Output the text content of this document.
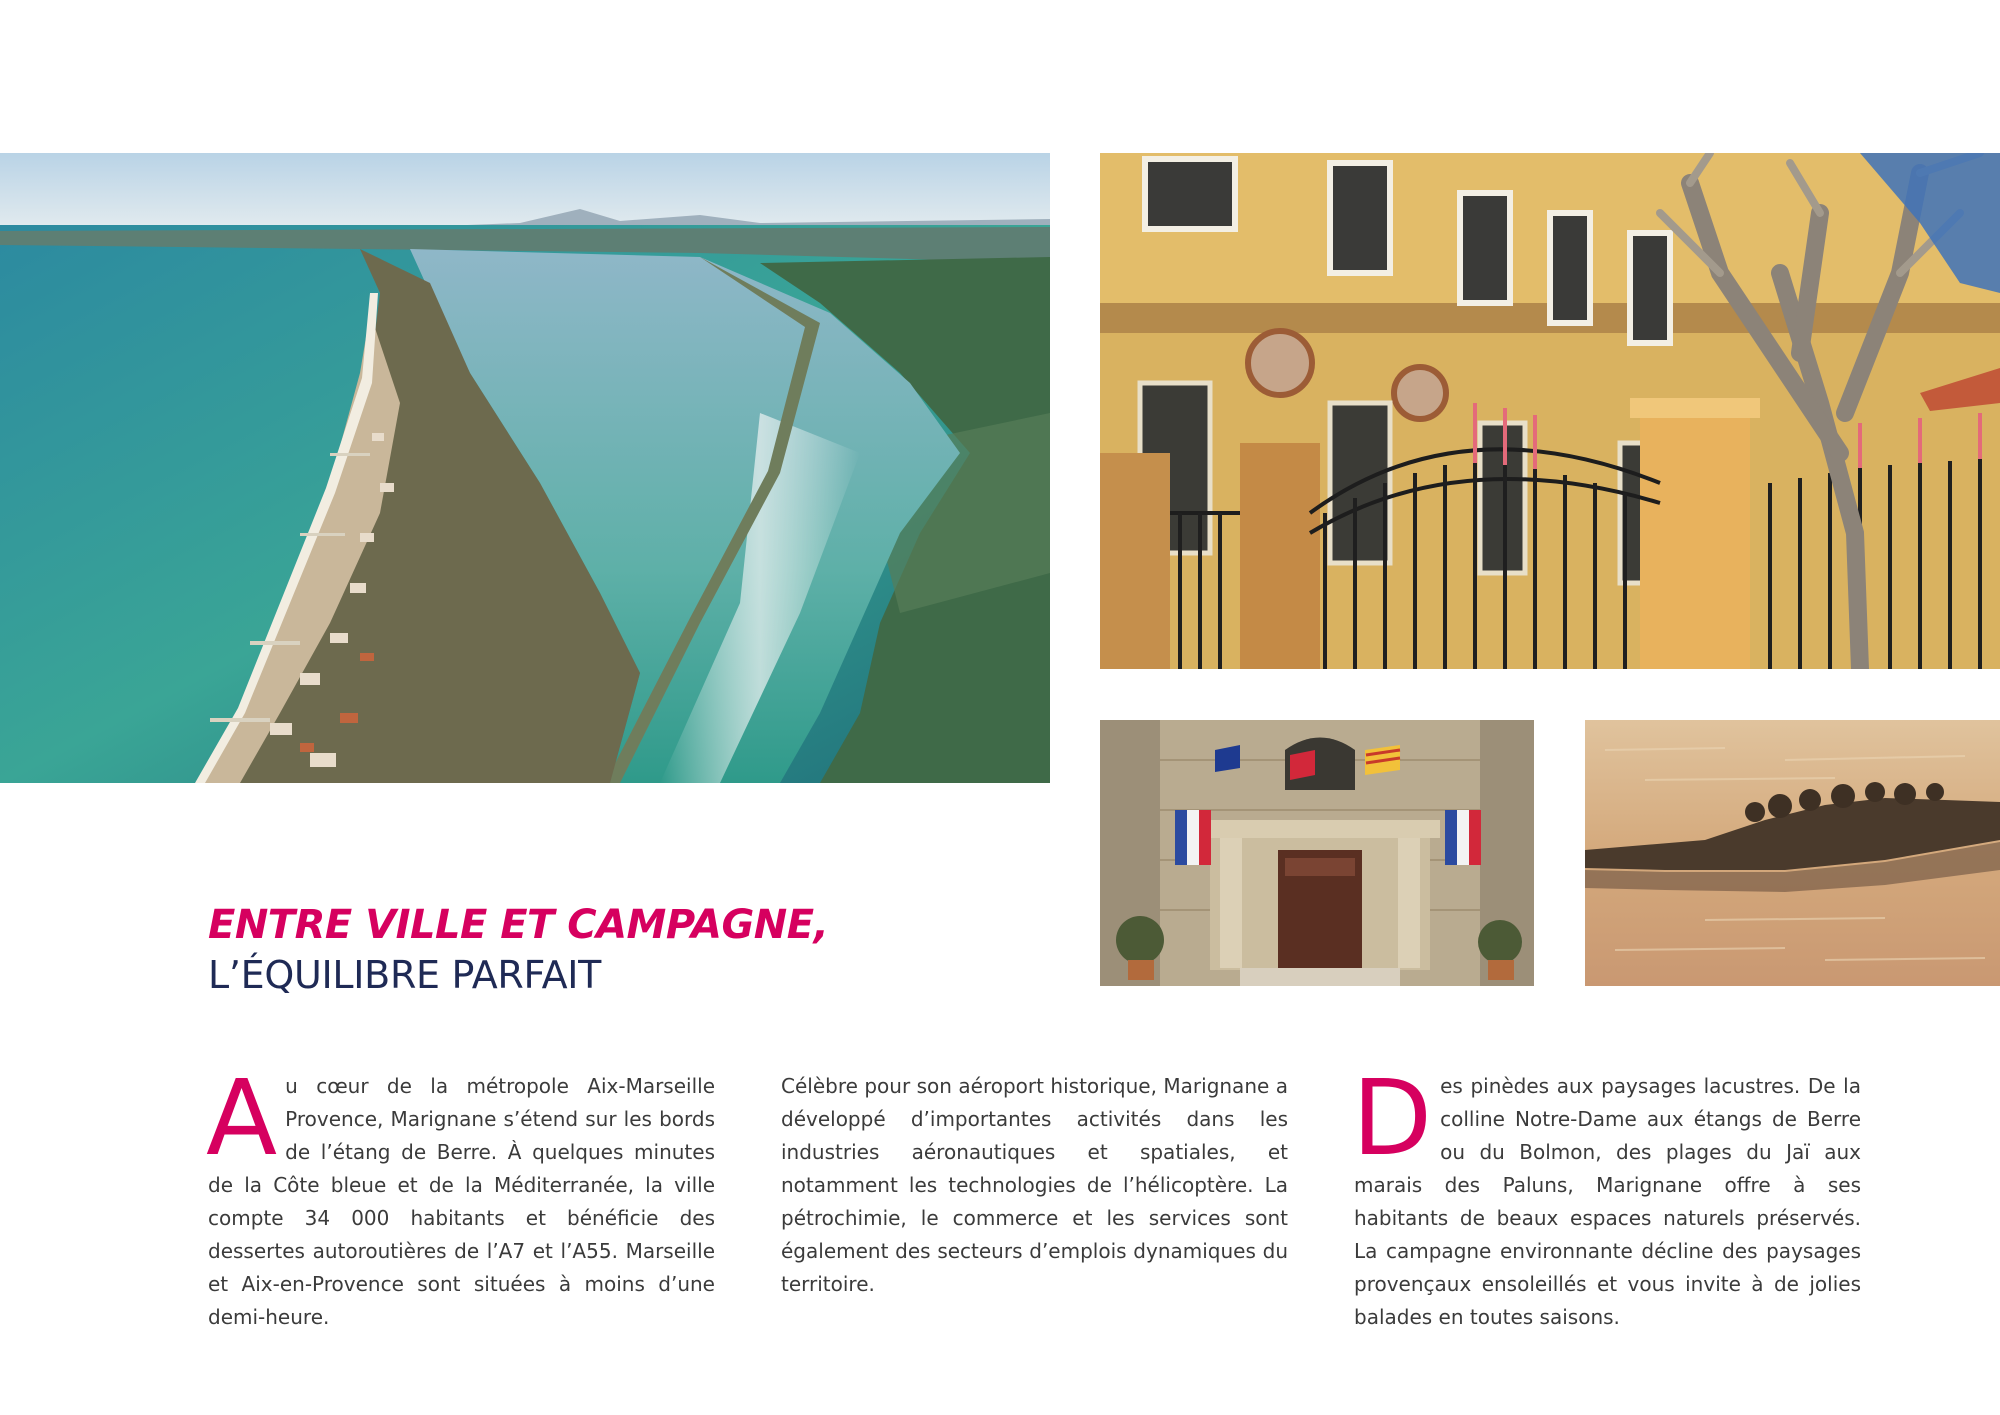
ENTRE VILLE ET CAMPAGNE,
L’ÉQUILIBRE PARFAIT
A u cœur de la métropole Aix-Marseille Provence, Marignane s’étend sur les bords de l’étang de Berre. À quelques minutes de la Côte bleue et de la Méditerranée, la ville compte 34 000 habitants et bénéficie des dessertes autoroutières de l’A7 et l’A55. Marseille et Aix-en-Provence sont situées à moins d’une demi-heure.
Célèbre pour son aéroport historique, Marignane a développé d’importantes activités dans les industries aéronautiques et spatiales, et notamment les technologies de l’hélicoptère. La pétrochimie, le commerce et les services sont également des secteurs d’emplois dynamiques du territoire.
D es pinèdes aux paysages lacustres. De la colline Notre-Dame aux étangs de Berre ou du Bolmon, des plages du Jaï aux marais des Paluns, Marignane offre à ses habitants de beaux espaces naturels préservés. La campagne environnante décline des paysages provençaux ensoleillés et vous invite à de jolies balades en toutes saisons.
